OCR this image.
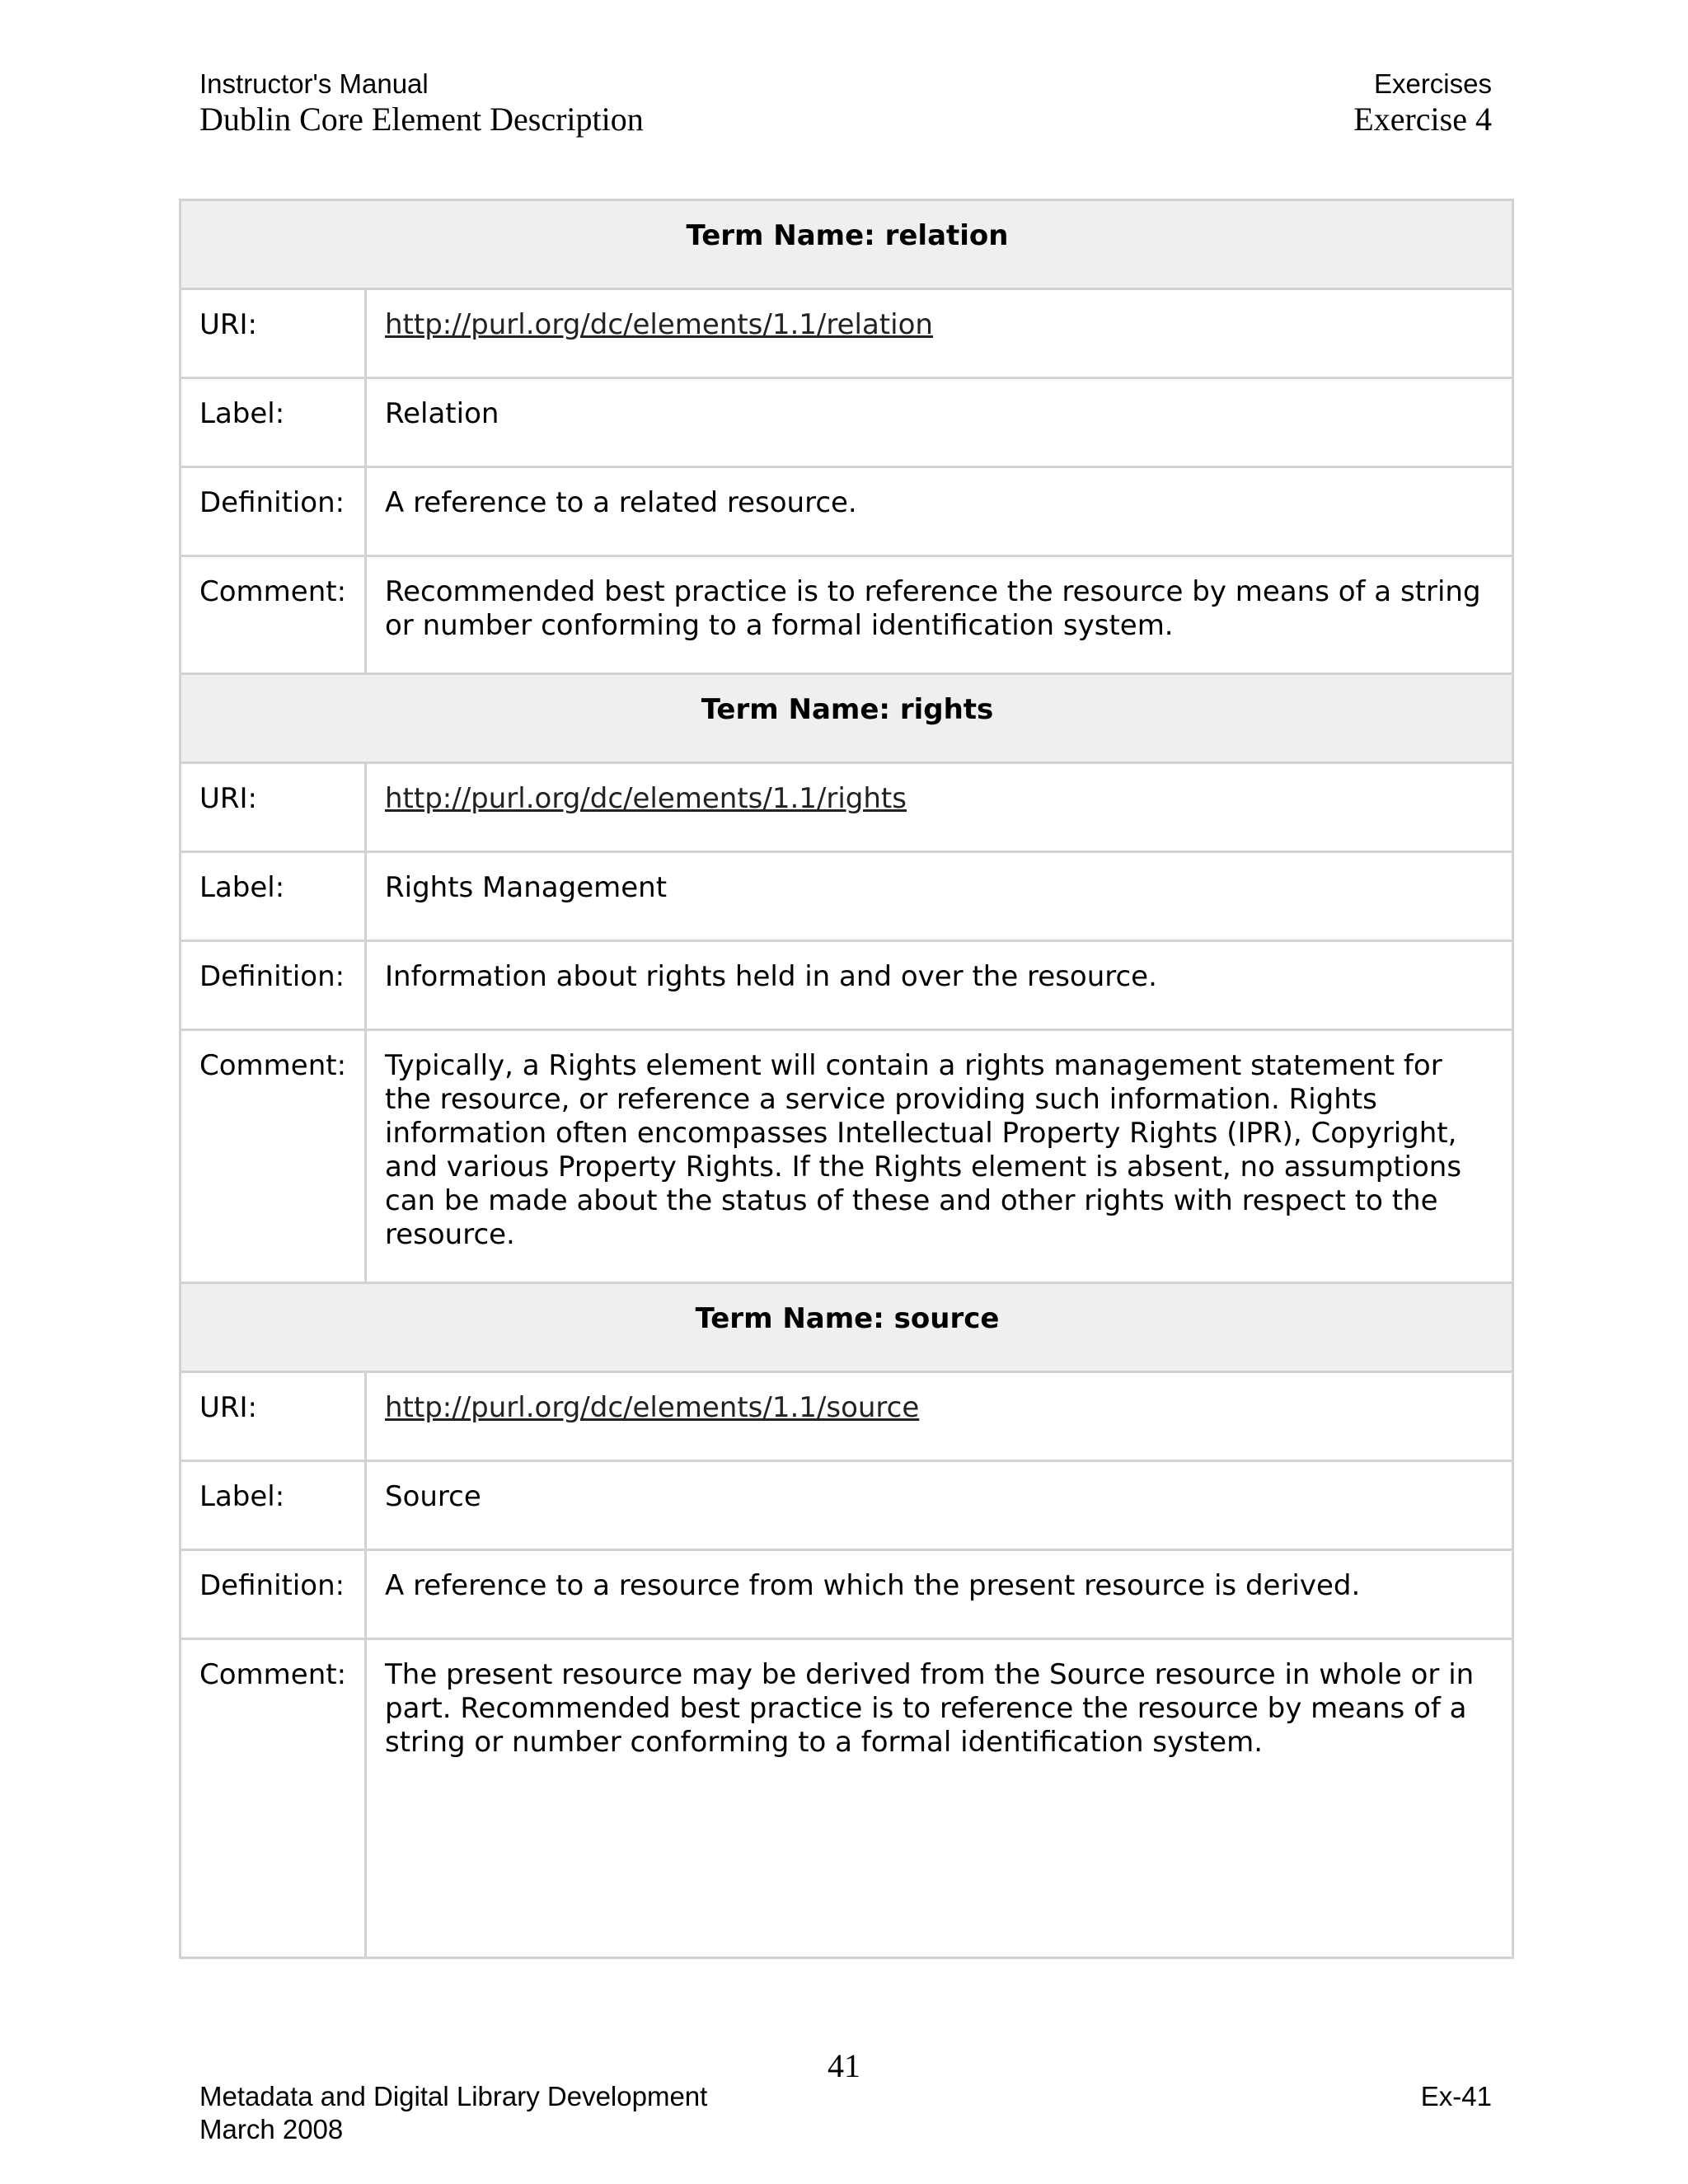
Instructor's Manual	Exercises
Dublin Core Element Description	Exercise 4
Term Name: relation	
URI:	http://purl.org/dc/elements/1.1/relation
Label:	Relation
Definition:	A reference to a related resource.
Comment:	Recommended best practice is to reference the resource by means of a string or number conforming to a formal identification system.
Term Name: rights	
URI:	http://purl.org/dc/elements/1.1/rights
Label:	Rights Management
Definition:	Information about rights held in and over the resource.
Comment:	Typically, a Rights element will contain a rights management statement for the resource, or reference a service providing such information. Rights information often encompasses Intellectual Property Rights (IPR), Copyright, and various Property Rights. If the Rights element is absent, no assumptions can be made about the status of these and other rights with respect to the resource.
Term Name: source	
URI:	http://purl.org/dc/elements/1.1/source
Label:	Source
Definition:	A reference to a resource from which the present resource is derived.
Comment:	The present resource may be derived from the Source resource in whole or in part. Recommended best practice is to reference the resource by means of a string or number conforming to a formal identification system.
41
Metadata and Digital Library Development	Ex-41
March 2008
